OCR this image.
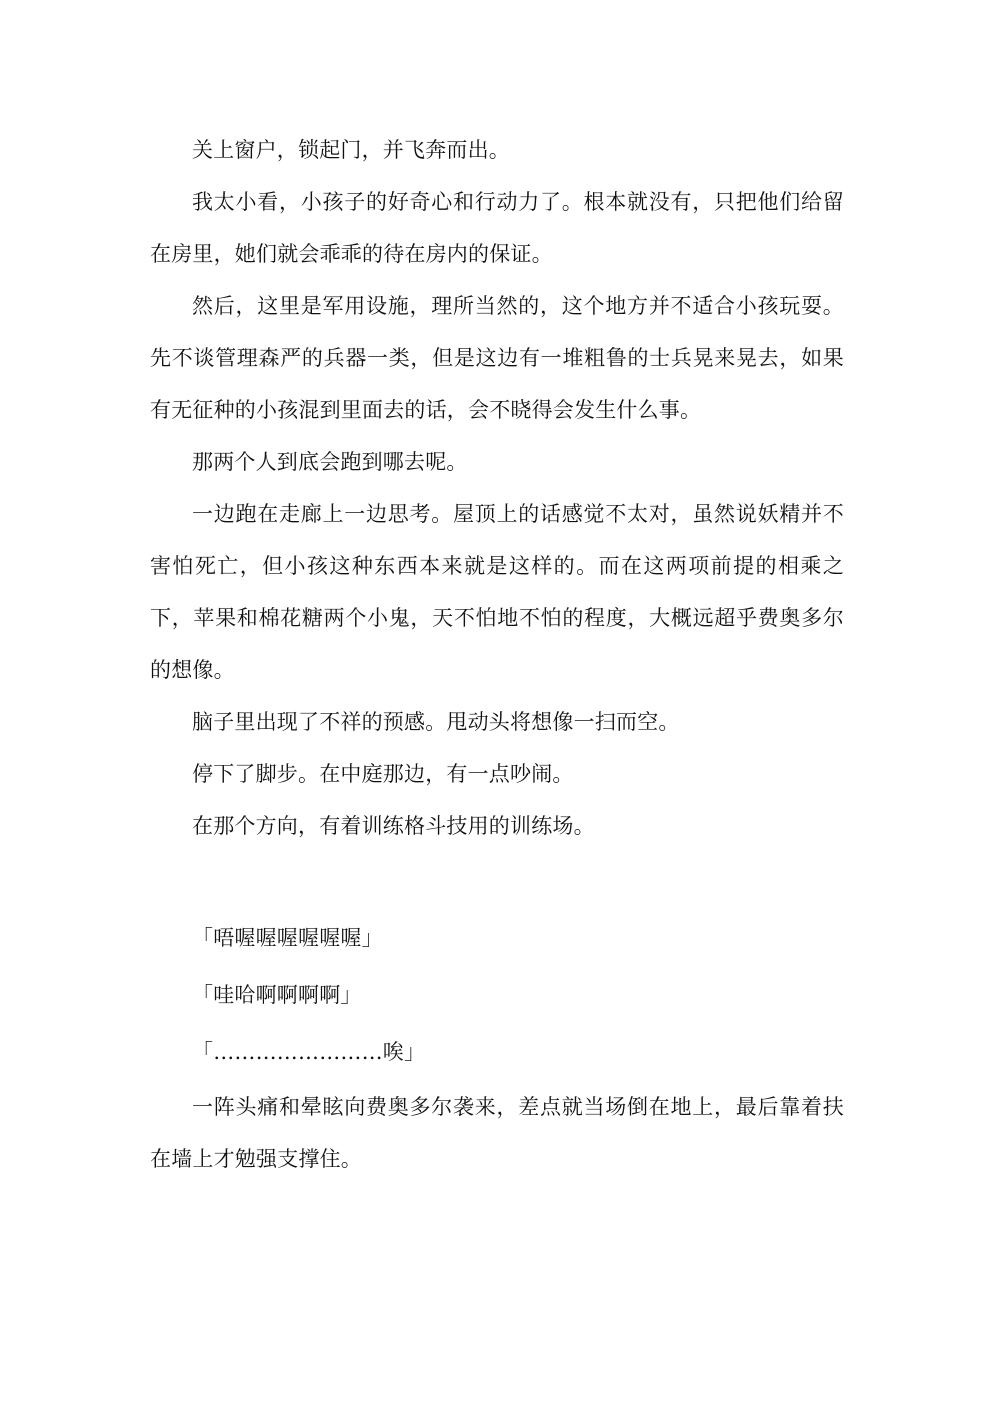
关上窗户，锁起门，并飞奔而出。

我太小看，小孩子的好奇心和行动力了。根本就没有，只把他们给留在房里，她们就会乖乖的待在房内的保证。

然后，这里是军用设施，理所当然的，这个地方并不适合小孩玩耍。先不谈管理森严的兵器一类，但是这边有一堆粗鲁的士兵晃来晃去，如果有无征种的小孩混到里面去的话，会不晓得会发生什么事。

那两个人到底会跑到哪去呢。

一边跑在走廊上一边思考。屋顶上的话感觉不太对，虽然说妖精并不害怕死亡，但小孩这种东西本来就是这样的。而在这两项前提的相乘之下，苹果和棉花糖两个小鬼，天不怕地不怕的程度，大概远超乎费奥多尔的想像。

脑子里出现了不祥的预感。甩动头将想像一扫而空。

停下了脚步。在中庭那边，有一点吵闹。

在那个方向，有着训练格斗技用的训练场。

「唔喔喔喔喔喔喔」

「哇哈啊啊啊啊」

「……………………唉」

一阵头痛和晕眩向费奥多尔袭来，差点就当场倒在地上，最后靠着扶在墙上才勉强支撑住。
